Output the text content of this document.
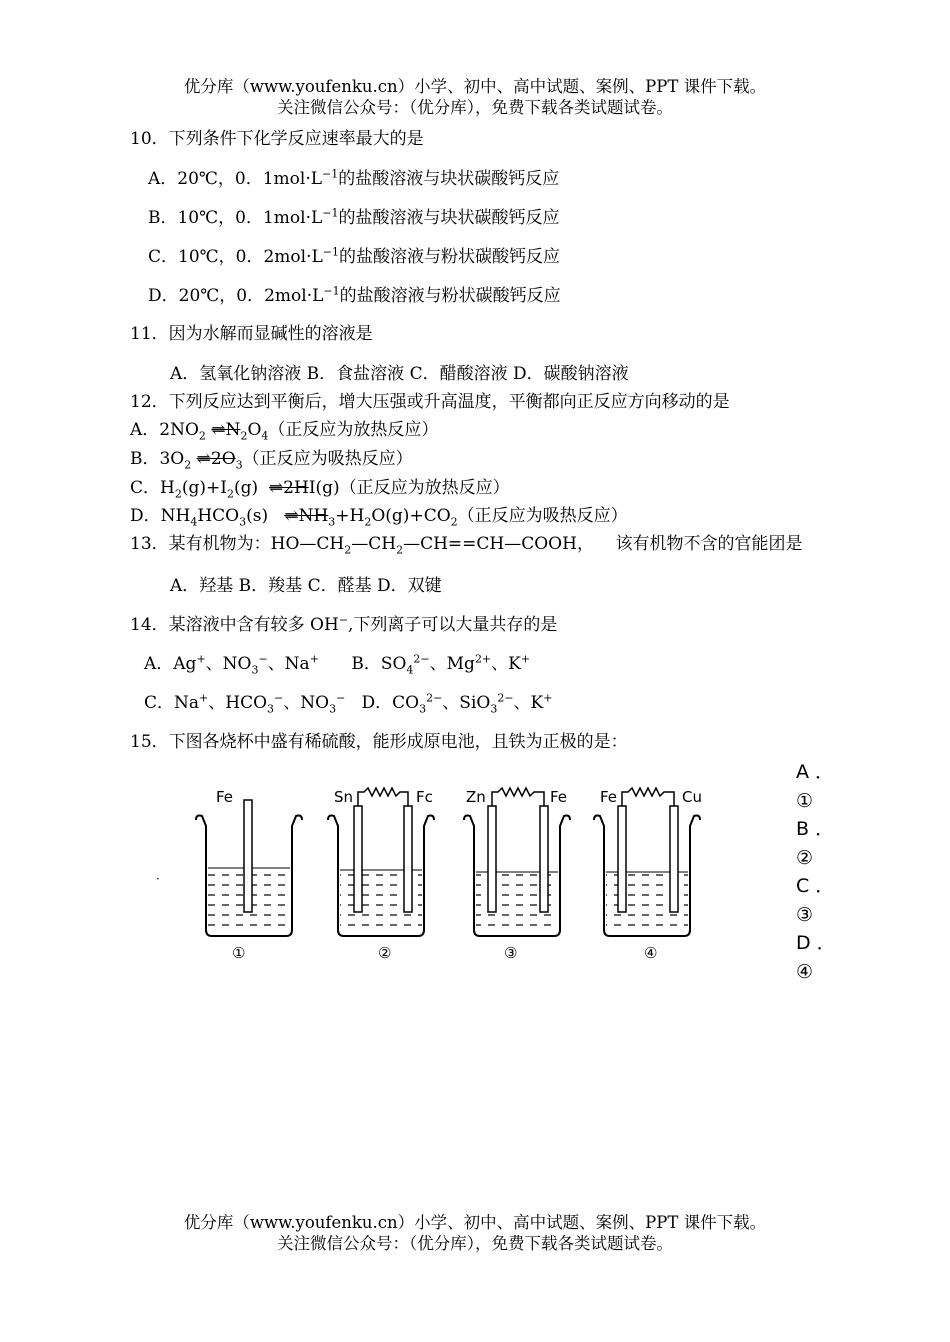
优分库（www.youfenku.cn）小学、初中、高中试题、案例、PPT 课件下载。
关注微信公众号：（优分库），免费下载各类试题试卷。
10．下列条件下化学反应速率最大的是
A．20℃，0．$1mol\cdot L^{-1}$的盐酸溶液与块状碳酸钙反应
B．10℃，0．$1mol\cdot L^{-1}$的盐酸溶液与块状碳酸钙反应
C．10℃，0．$2mol\cdot L^{-1}$的盐酸溶液与粉状碳酸钙反应
D．20℃，0．$2mol\cdot L^{-1}$的盐酸溶液与粉状碳酸钙反应
11．因为水解而显碱性的溶液是
A．氢氧化钠溶液 B．食盐溶液 C．醋酸溶液 D．碳酸钠溶液
12．下列反应达到平衡后，增大压强或升高温度，平衡都向正反应方向移动的是
A．$2NO_2$ $\rightleftharpoons N_2O_4$（正反应为放热反应）
B．$3O_2$ $\rightleftharpoons 2O_3$（正反应为吸热反应）
C．$H_2(g)+I_2(g)$  ⇌2HI(g)（正反应为放热反应）
D．$NH_4HCO_3(s)$   $\rightleftharpoons NH_3+H_2O(g)+CO_2$（正反应为吸热反应）
13．某有机物为：$HO—CH_2—CH_2—CH==CH—COOH$，    该有机物不含的官能团是
A．羟基 B．羧基 C．醛基 D．双键
14．某溶液中含有较多 OH−,下列离子可以大量共存的是
A．Ag+、$NO_3^-$、Na+      B．$SO_4^{2-}$、$Mg^{2+}$、K+
C．Na+、$HCO_3^-$、$NO_3^-$   D．$CO_3^{2-}$、SiO$_3^{2-}$、K+
15．下图各烧杯中盛有稀硫酸，能形成原电池，且铁为正极的是：
A ．
①
B ．
②
C ．
③
D ．
④
·
Fe
①
Sn	Fc
②
Zn	Fe
③
Fe	Cu
④
优分库（www.youfenku.cn）小学、初中、高中试题、案例、PPT 课件下载。
关注微信公众号：（优分库），免费下载各类试题试卷。
